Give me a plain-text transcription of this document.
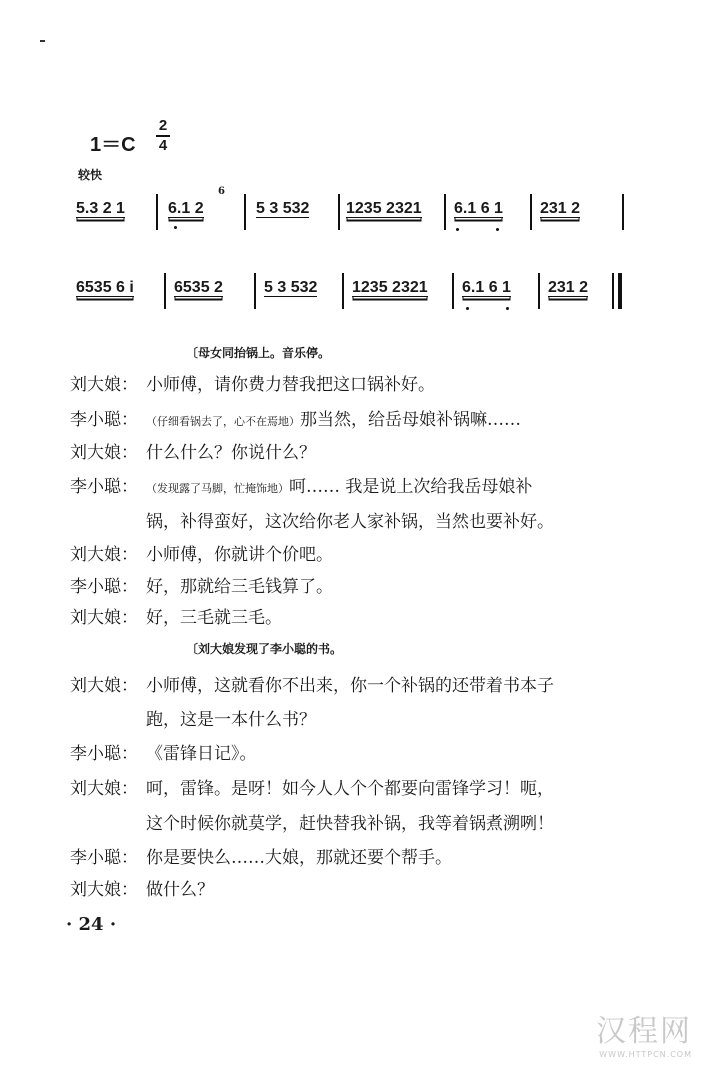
1＝C
2
4
较快
5.3 2 1	6.1 2
6
5 3 532 1235 2321 6.1 6 1 231 2
6535 6 i	6535 2	5 3 532 1235 2321 6.1 6 1 231 2
〔母女同抬锅上。音乐停。
刘大娘： 小师傅，请你费力替我把这口锅补好。
李小聪： （仔细看锅去了，心不在焉地）那当然，给岳母娘补锅嘛……
刘大娘： 什么什么？你说什么？
李小聪： （发现露了马脚，忙掩饰地）呵…… 我是说上次给我岳母娘补
锅，补得蛮好，这次给你老人家补锅，当然也要补好。
刘大娘： 小师傅，你就讲个价吧。
李小聪： 好，那就给三毛钱算了。
刘大娘： 好，三毛就三毛。
〔刘大娘发现了李小聪的书。
刘大娘： 小师傅，这就看你不出来，你一个补锅的还带着书本子
跑，这是一本什么书？
李小聪： 《雷锋日记》。
刘大娘： 呵，雷锋。是呀！如今人人个个都要向雷锋学习！呃，
这个时候你就莫学，赶快替我补锅，我等着锅煮溯咧！
李小聪： 你是要快么……大娘，那就还要个帮手。
刘大娘： 做什么？
· 24 ·
汉程网
WWW.HTTPCN.COM
